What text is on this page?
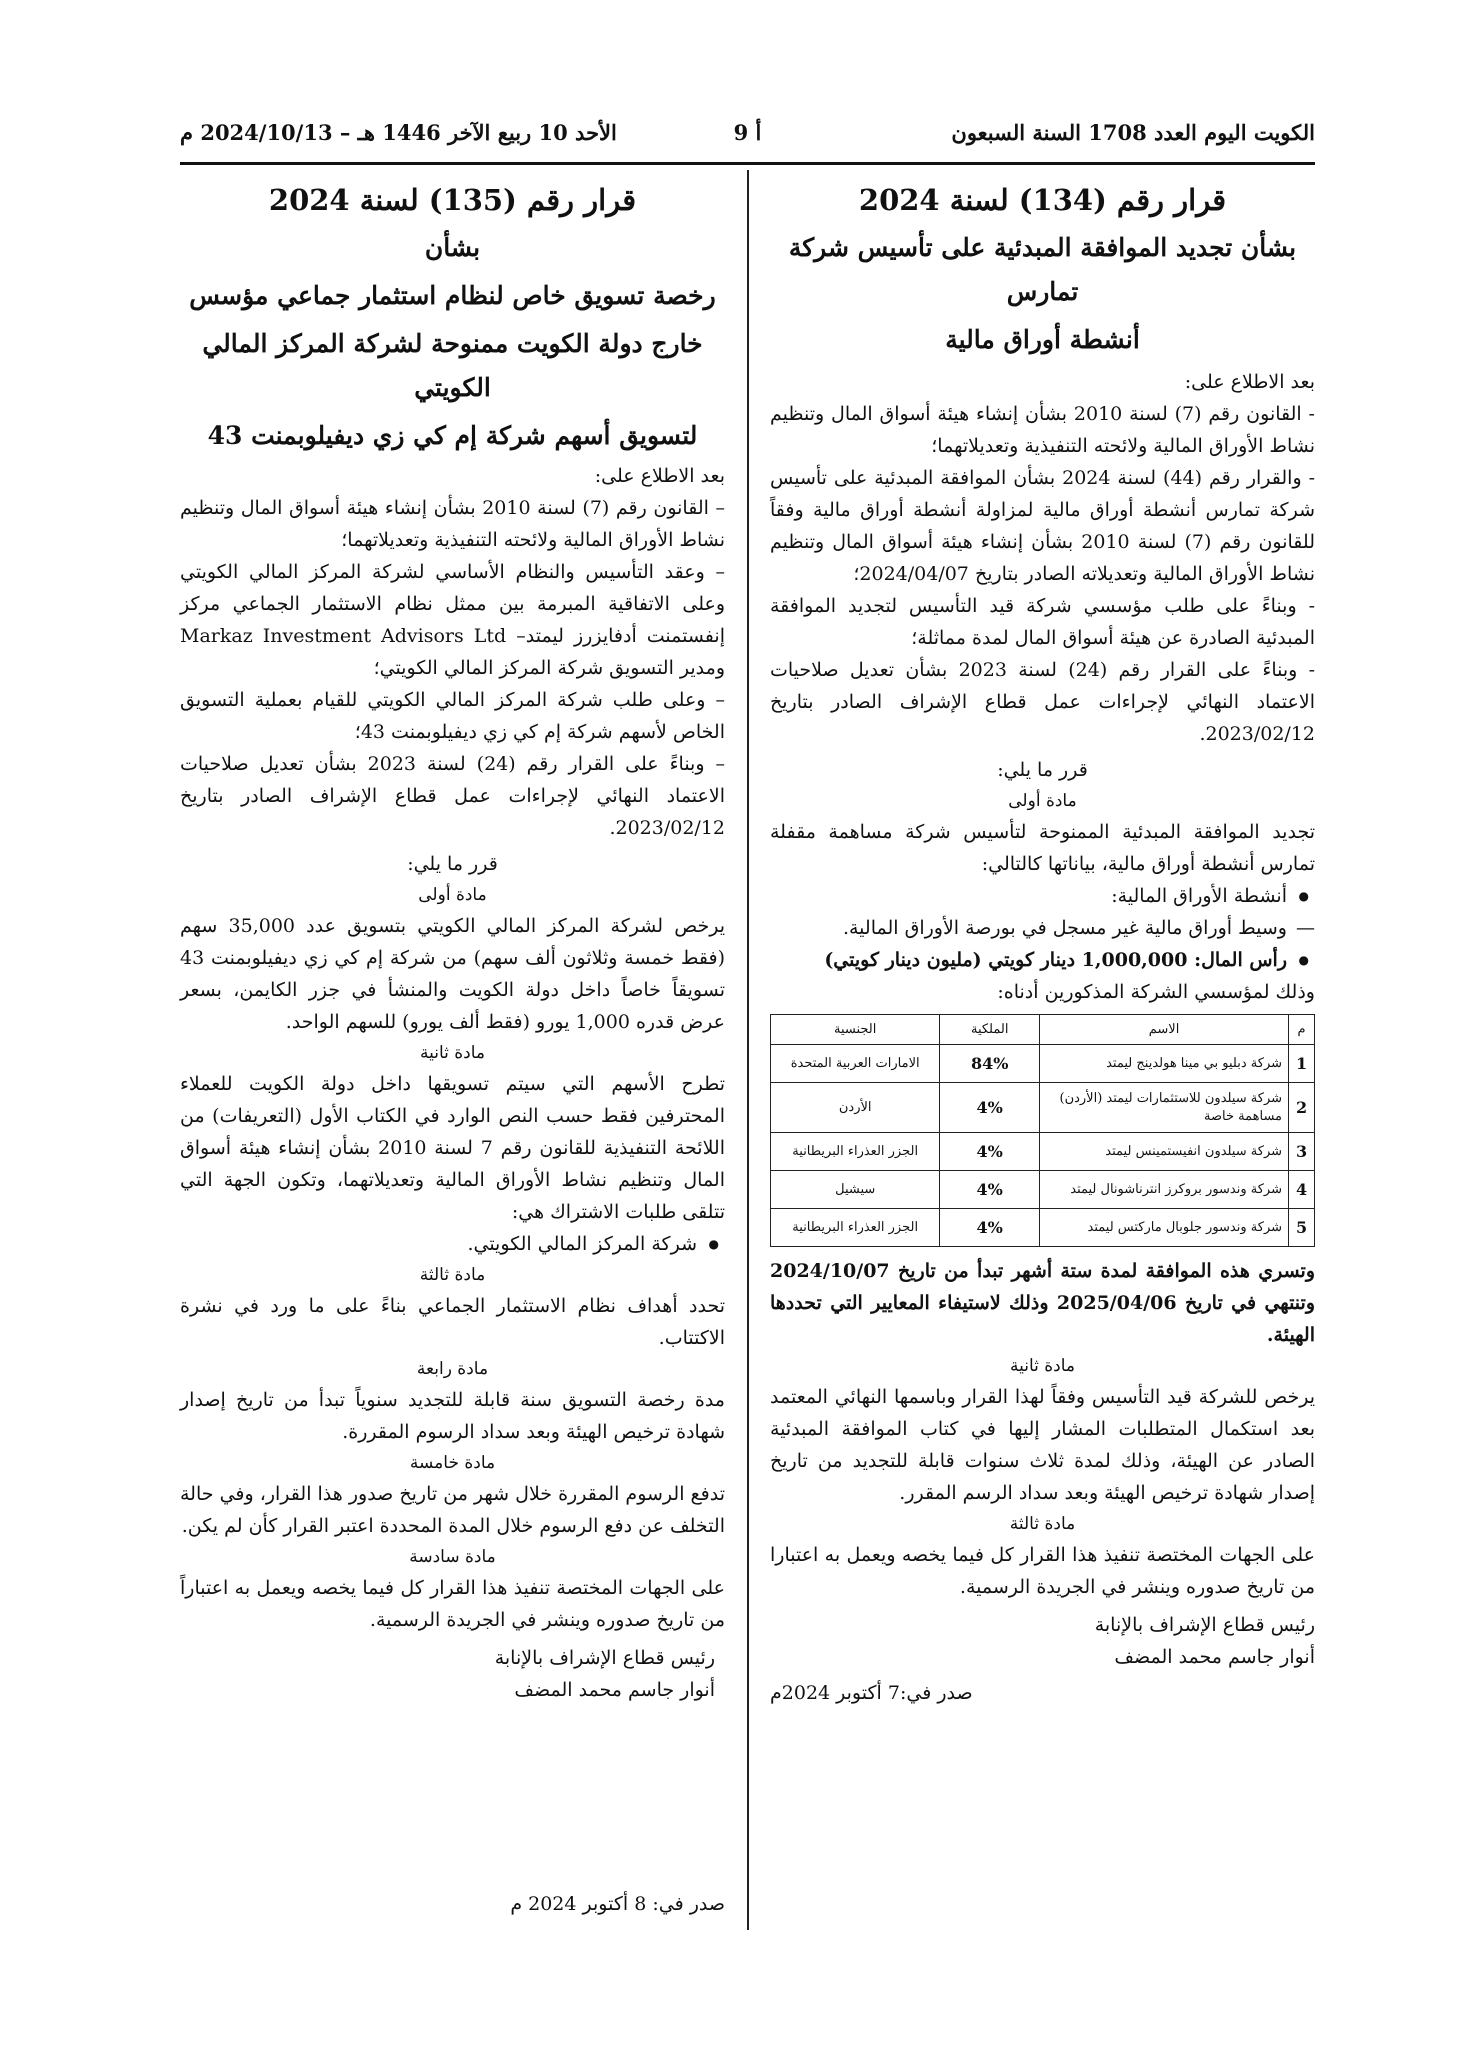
الكويت اليوم العدد 1708 السنة السبعون
أ 9
الأحد 10 ربيع الآخر 1446 هـ – 2024/10/13 م
قرار رقم (134) لسنة 2024
بشأن تجديد الموافقة المبدئية على تأسيس شركة تمارس
أنشطة أوراق مالية
بعد الاطلاع على:
- القانون رقم (7) لسنة 2010 بشأن إنشاء هيئة أسواق المال وتنظيم نشاط الأوراق المالية ولائحته التنفيذية وتعديلاتهما؛
- والقرار رقم (44) لسنة 2024 بشأن الموافقة المبدئية على تأسيس شركة تمارس أنشطة أوراق مالية لمزاولة أنشطة أوراق مالية وفقاً للقانون رقم (7) لسنة 2010 بشأن إنشاء هيئة أسواق المال وتنظيم نشاط الأوراق المالية وتعديلاته الصادر بتاريخ 2024/04/07؛
- وبناءً على طلب مؤسسي شركة قيد التأسيس لتجديد الموافقة المبدئية الصادرة عن هيئة أسواق المال لمدة مماثلة؛
- وبناءً على القرار رقم (24) لسنة 2023 بشأن تعديل صلاحيات الاعتماد النهائي لإجراءات عمل قطاع الإشراف الصادر بتاريخ 2023/02/12.
قرر ما يلي:
مادة أولى
تجديد الموافقة المبدئية الممنوحة لتأسيس شركة مساهمة مقفلة تمارس أنشطة أوراق مالية، بياناتها كالتالي:
● أنشطة الأوراق المالية:
— وسيط أوراق مالية غير مسجل في بورصة الأوراق المالية.
● رأس المال: 1,000,000 دينار كويتي (مليون دينار كويتي)
وذلك لمؤسسي الشركة المذكورين أدناه:
م	الاسم	الملكية	الجنسية
1	شركة دبليو بي مينا هولدينج ليمتد	84%	الامارات العربية المتحدة
2	شركة سيلدون للاستثمارات ليمتد (الأردن) مساهمة خاصة	4%	الأردن
3	شركة سيلدون انفيستمينس ليمتد	4%	الجزر العذراء البريطانية
4	شركة وندسور بروكرز انترناشونال ليمتد	4%	سيشيل
5	شركة وندسور جلوبال ماركتس ليمتد	4%	الجزر العذراء البريطانية
وتسري هذه الموافقة لمدة ستة أشهر تبدأ من تاريخ 2024/10/07 وتنتهي في تاريخ 2025/04/06 وذلك لاستيفاء المعايير التي تحددها الهيئة.
مادة ثانية
يرخص للشركة قيد التأسيس وفقاً لهذا القرار وباسمها النهائي المعتمد بعد استكمال المتطلبات المشار إليها في كتاب الموافقة المبدئية الصادر عن الهيئة، وذلك لمدة ثلاث سنوات قابلة للتجديد من تاريخ إصدار شهادة ترخيص الهيئة وبعد سداد الرسم المقرر.
مادة ثالثة
على الجهات المختصة تنفيذ هذا القرار كل فيما يخصه ويعمل به اعتبارا من تاريخ صدوره وينشر في الجريدة الرسمية.
رئيس قطاع الإشراف بالإنابة
أنوار جاسم محمد المضف
صدر في:7 أكتوبر 2024م
قرار رقم (135) لسنة 2024
بشأن
رخصة تسويق خاص لنظام استثمار جماعي مؤسس
خارج دولة الكويت ممنوحة لشركة المركز المالي الكويتي
لتسويق أسهم شركة إم كي زي ديفيلوبمنت 43
بعد الاطلاع على:
– القانون رقم (7) لسنة 2010 بشأن إنشاء هيئة أسواق المال وتنظيم نشاط الأوراق المالية ولائحته التنفيذية وتعديلاتهما؛
– وعقد التأسيس والنظام الأساسي لشركة المركز المالي الكويتي وعلى الاتفاقية المبرمة بين ممثل نظام الاستثمار الجماعي مركز إنفستمنت أدفايزرز ليمتد– Markaz Investment Advisors Ltd ومدير التسويق شركة المركز المالي الكويتي؛
– وعلى طلب شركة المركز المالي الكويتي للقيام بعملية التسويق الخاص لأسهم شركة إم كي زي ديفيلوبمنت 43؛
– وبناءً على القرار رقم (24) لسنة 2023 بشأن تعديل صلاحيات الاعتماد النهائي لإجراءات عمل قطاع الإشراف الصادر بتاريخ 2023/02/12.
قرر ما يلي:
مادة أولى
يرخص لشركة المركز المالي الكويتي بتسويق عدد 35,000 سهم (فقط خمسة وثلاثون ألف سهم) من شركة إم كي زي ديفيلوبمنت 43 تسويقاً خاصاً داخل دولة الكويت والمنشأ في جزر الكايمن، بسعر عرض قدره 1,000 يورو (فقط ألف يورو) للسهم الواحد.
مادة ثانية
تطرح الأسهم التي سيتم تسويقها داخل دولة الكويت للعملاء المحترفين فقط حسب النص الوارد في الكتاب الأول (التعريفات) من اللائحة التنفيذية للقانون رقم 7 لسنة 2010 بشأن إنشاء هيئة أسواق المال وتنظيم نشاط الأوراق المالية وتعديلاتهما، وتكون الجهة التي تتلقى طلبات الاشتراك هي:
● شركة المركز المالي الكويتي.
مادة ثالثة
تحدد أهداف نظام الاستثمار الجماعي بناءً على ما ورد في نشرة الاكتتاب.
مادة رابعة
مدة رخصة التسويق سنة قابلة للتجديد سنوياً تبدأ من تاريخ إصدار شهادة ترخيص الهيئة وبعد سداد الرسوم المقررة.
مادة خامسة
تدفع الرسوم المقررة خلال شهر من تاريخ صدور هذا القرار، وفي حالة التخلف عن دفع الرسوم خلال المدة المحددة اعتبر القرار كأن لم يكن.
مادة سادسة
على الجهات المختصة تنفيذ هذا القرار كل فيما يخصه ويعمل به اعتباراً من تاريخ صدوره وينشر في الجريدة الرسمية.
رئيس قطاع الإشراف بالإنابة
أنوار جاسم محمد المضف
صدر في: 8 أكتوبر 2024 م
